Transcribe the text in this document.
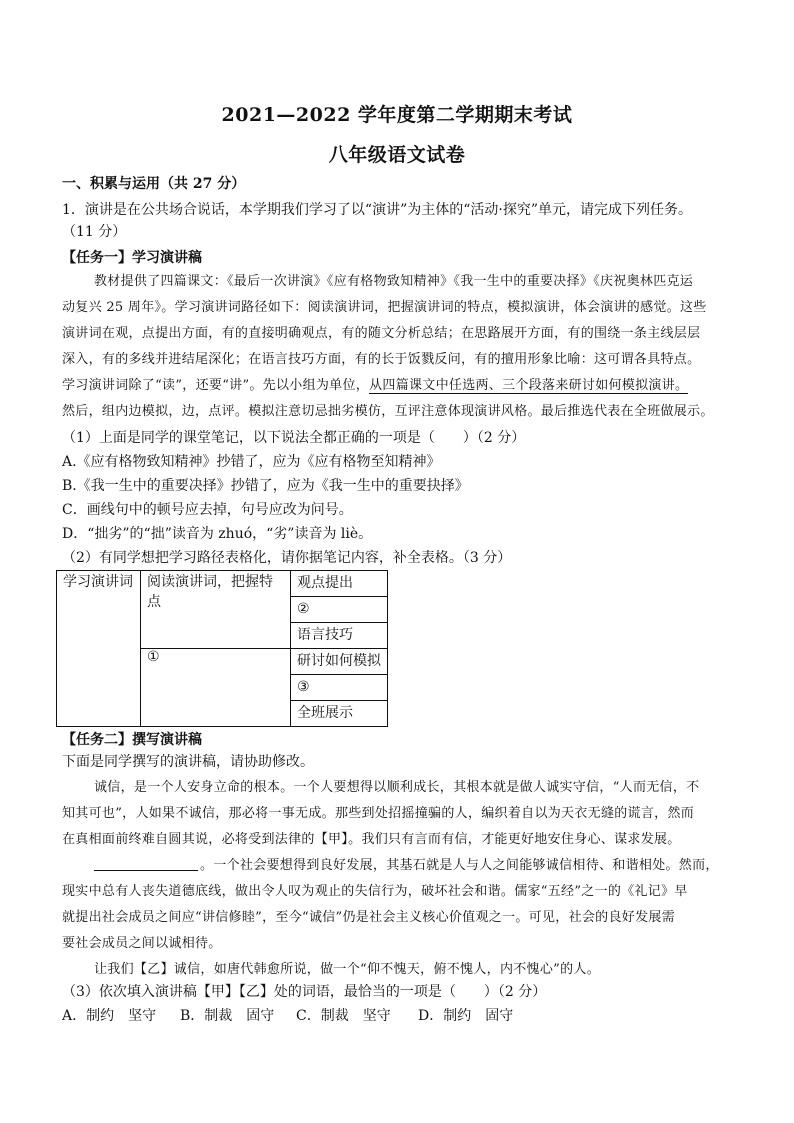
2021—2022 学年度第二学期期末考试
八年级语文试卷
一、积累与运用（共 27 分）
1．演讲是在公共场合说话，本学期我们学习了以“演讲”为主体的“活动·探究”单元，请完成下列任务。
（11 分）
【任务一】学习演讲稿
教材提供了四篇课文：《最后一次讲演》《应有格物致知精神》《我一生中的重要决择》《庆祝奥林匹克运
动复兴 25 周年》。学习演讲词路径如下：阅读演讲词，把握演讲词的特点，模拟演讲，体会演讲的感觉。这些
演讲词在观，点提出方面，有的直接明确观点，有的随文分析总结；在思路展开方面，有的围绕一条主线层层
深入，有的多线并进结尾深化；在语言技巧方面，有的长于饭戮反问，有的擅用形象比喻：这可谓各具特点。
学习演讲词除了“读”，还要“讲”。先以小组为单位，从四篇课文中任选两、三个段落来研讨如何模拟演讲。
然后，组内边模拟，边，点评。模拟注意切忌拙劣模仿，互评注意体现演讲风格。最后推选代表在全班做展示。
（1）上面是同学的课堂笔记，以下说法全都正确的一项是（　　）（2 分）
A.《应有格物致知精神》抄错了，应为《应有格物至知精神》
B.《我一生中的重要决择》抄错了，应为《我一生中的重要抉择》
C．画线句中的顿号应去掉，句号应改为问号。
D．“拙劣”的“拙”读音为 zhuó，“劣”读音为 liè。
（2）有同学想把学习路径表格化，请你据笔记内容，补全表格。（3 分）
学习演讲词	阅读演讲词，把握特点	观点提出
		②
		语言技巧
	①	研讨如何模拟
		③
		全班展示
【任务二】撰写演讲稿
下面是同学撰写的演讲稿，请协助修改。
诚信，是一个人安身立命的根本。一个人要想得以顺利成长，其根本就是做人诚实守信，“人而无信，不
知其可也”，人如果不诚信，那必将一事无成。那些到处招摇撞骗的人，编织着自以为天衣无缝的谎言，然而
在真相面前终难自圆其说，必将受到法律的【甲】。我们只有言而有信，才能更好地安住身心、谋求发展。
。一个社会要想得到良好发展，其基石就是人与人之间能够诚信相待、和谐相处。然而，
现实中总有人丧失道德底线，做出令人叹为观止的失信行为，破坏社会和谐。儒家“五经”之一的《礼记》早
就提出社会成员之间应“讲信修睦”，至今“诚信”仍是社会主义核心价值观之一。可见，社会的良好发展需
要社会成员之间以诚相待。
让我们【乙】诚信，如唐代韩愈所说，做一个“仰不愧天，俯不愧人，内不愧心”的人。
（3）依次填入演讲稿【甲】【乙】处的词语，最恰当的一项是（　　）（2 分）
A．制约　坚守 B．制裁　固守 C．制裁　坚守 D．制约　固守
